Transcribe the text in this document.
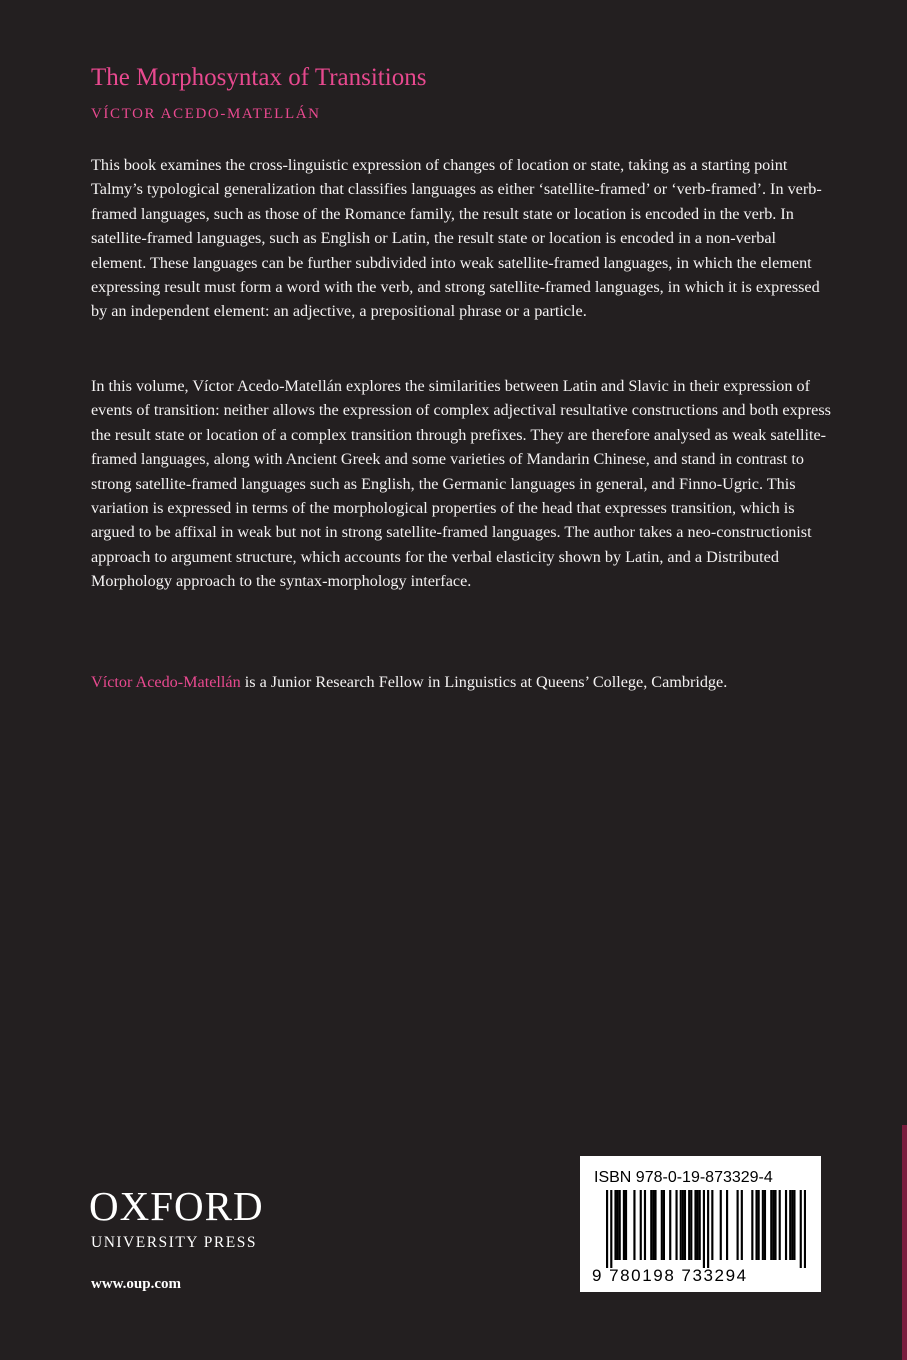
The Morphosyntax of Transitions
VÍCTOR ACEDO-MATELLÁN

This book examines the cross-linguistic expression of changes of location or state, taking as a starting point Talmy’s typological generalization that classifies languages as either ‘satellite-framed’ or ‘verb-framed’. In verb-framed languages, such as those of the Romance family, the result state or location is encoded in the verb. In satellite-framed languages, such as English or Latin, the result state or location is encoded in a non-verbal element. These languages can be further subdivided into weak satellite-framed languages, in which the element expressing result must form a word with the verb, and strong satellite-framed languages, in which it is expressed by an independent element: an adjective, a prepositional phrase or a particle.

In this volume, Víctor Acedo-Matellán explores the similarities between Latin and Slavic in their expression of events of transition: neither allows the expression of complex adjectival resultative constructions and both express the result state or location of a complex transition through prefixes. They are therefore analysed as weak satellite-framed languages, along with Ancient Greek and some varieties of Mandarin Chinese, and stand in contrast to strong satellite-framed languages such as English, the Germanic languages in general, and Finno-Ugric. This variation is expressed in terms of the morphological properties of the head that expresses transition, which is argued to be affixal in weak but not in strong satellite-framed languages. The author takes a neo-constructionist approach to argument structure, which accounts for the verbal elasticity shown by Latin, and a Distributed Morphology approach to the syntax-morphology interface.

Víctor Acedo-Matellán is a Junior Research Fellow in Linguistics at Queens’ College, Cambridge.

OXFORD
UNIVERSITY PRESS
www.oup.com
ISBN 978-0-19-873329-4
9 780198 733294
